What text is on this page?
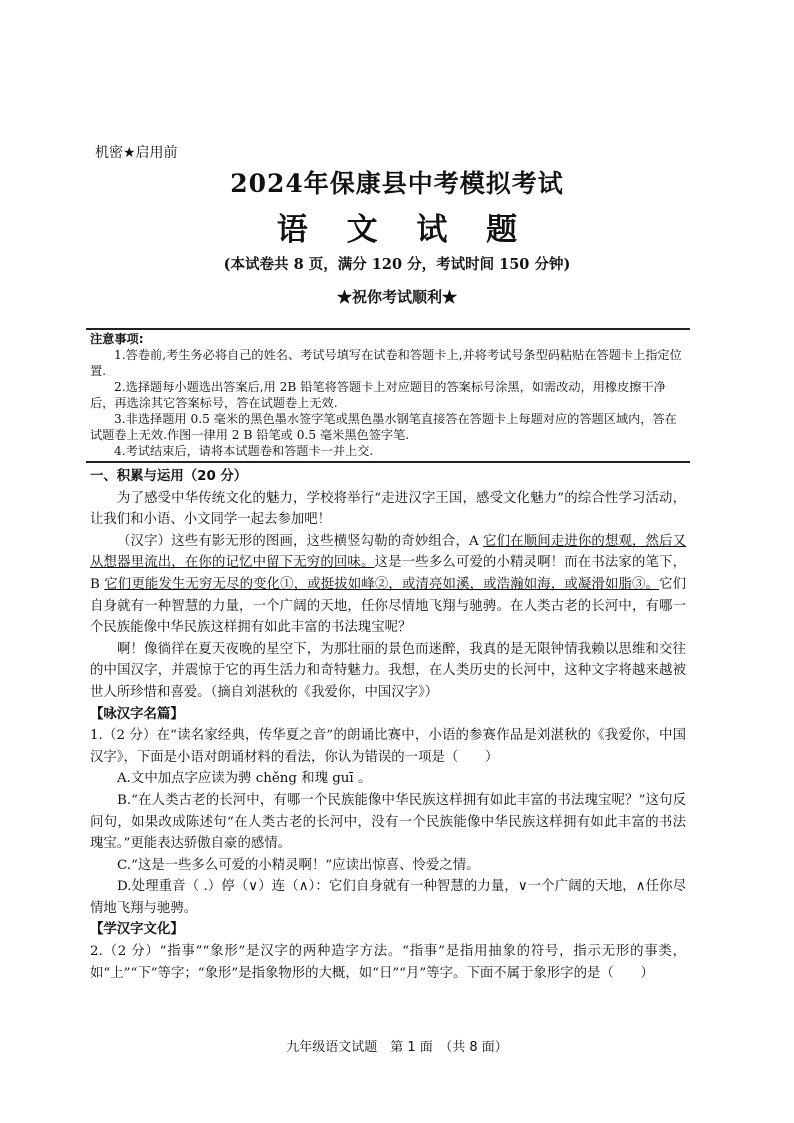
机密★启用前
2024年保康县中考模拟考试
语 文 试 题
(本试卷共 8 页，满分 120 分，考试时间 150 分钟)
★祝你考试顺利★

注意事项:

1.答卷前,考生务必将自己的姓名、考试号填写在试卷和答题卡上,并将考试号条型码粘贴在答题卡上指定位置.

2.选择题每小题选出答案后,用 2B 铅笔将答题卡上对应题目的答案标号涂黑，如需改动，用橡皮擦干净后，再选涂其它答案标号，答在试题卷上无效.

3.非选择题用 0.5 毫米的黑色墨水签字笔或黑色墨水钢笔直接答在答题卡上每题对应的答题区域内，答在试题卷上无效.作图一律用 2 B 铅笔或 0.5 毫米黑色签字笔.

4.考试结束后，请将本试题卷和答题卡一并上交.

一、积累与运用（20 分）

为了感受中华传统文化的魅力，学校将举行“走进汉字王国，感受文化魅力”的综合性学习活动，让我们和小语、小文同学一起去参加吧！

（汉字）这些有影无形的图画，这些横竖勾勒的奇妙组合，A 它们在顺间走进你的想观，然后又从想器里流出，在你的记忆中留下无穷的回味。这是一些多么可爱的小精灵啊！而在书法家的笔下，B 它们更能发生无穷无尽的变化①，或挺拔如峰②，或清亮如溪，或浩瀚如海，或凝滑如脂③。它们自身就有一种智慧的力量，一个广阔的天地，任你尽情地飞翔与驰骋。在人类古老的长河中，有哪一个民族能像中华民族这样拥有如此丰富的书法瑰宝呢？

啊！像徜徉在夏天夜晚的星空下，为那壮丽的景色而迷醉，我真的是无限钟情我赖以思维和交往的中国汉字，并震惊于它的再生活力和奇特魅力。我想，在人类历史的长河中，这种文字将越来越被世人所珍惜和喜爱。（摘自刘湛秋的《我爱你，中国汉字》）

【咏汉字名篇】

1.（2 分）在“读名家经典，传华夏之音”的朗诵比赛中，小语的参赛作品是刘湛秋的《我爱你，中国汉字》，下面是小语对朗诵材料的看法，你认为错误的一项是（　　）

A.文中加点字应读为骋 chěng 和瑰 guī 。

B.“在人类古老的长河中，有哪一个民族能像中华民族这样拥有如此丰富的书法瑰宝呢？”这句反问句，如果改成陈述句“在人类古老的长河中，没有一个民族能像中华民族这样拥有如此丰富的书法瑰宝。”更能表达骄傲自豪的感情。

C.“这是一些多么可爱的小精灵啊！”应读出惊喜、怜爱之情。

D.处理重音（ .）停（∨）连（∧）：它们自身就有一种智慧的力量，∨一个广阔的天地，∧任你尽情地飞翔与驰骋。

【学汉字文化】

2.（2 分）“指事”“象形”是汉字的两种造字方法。“指事”是指用抽象的符号，指示无形的事类，如“上”“下”等字；“象形”是指象物形的大概，如“日”“月”等字。下面不属于象形字的是（　　）

九年级语文试题　第 1 面　（共 8 面）
